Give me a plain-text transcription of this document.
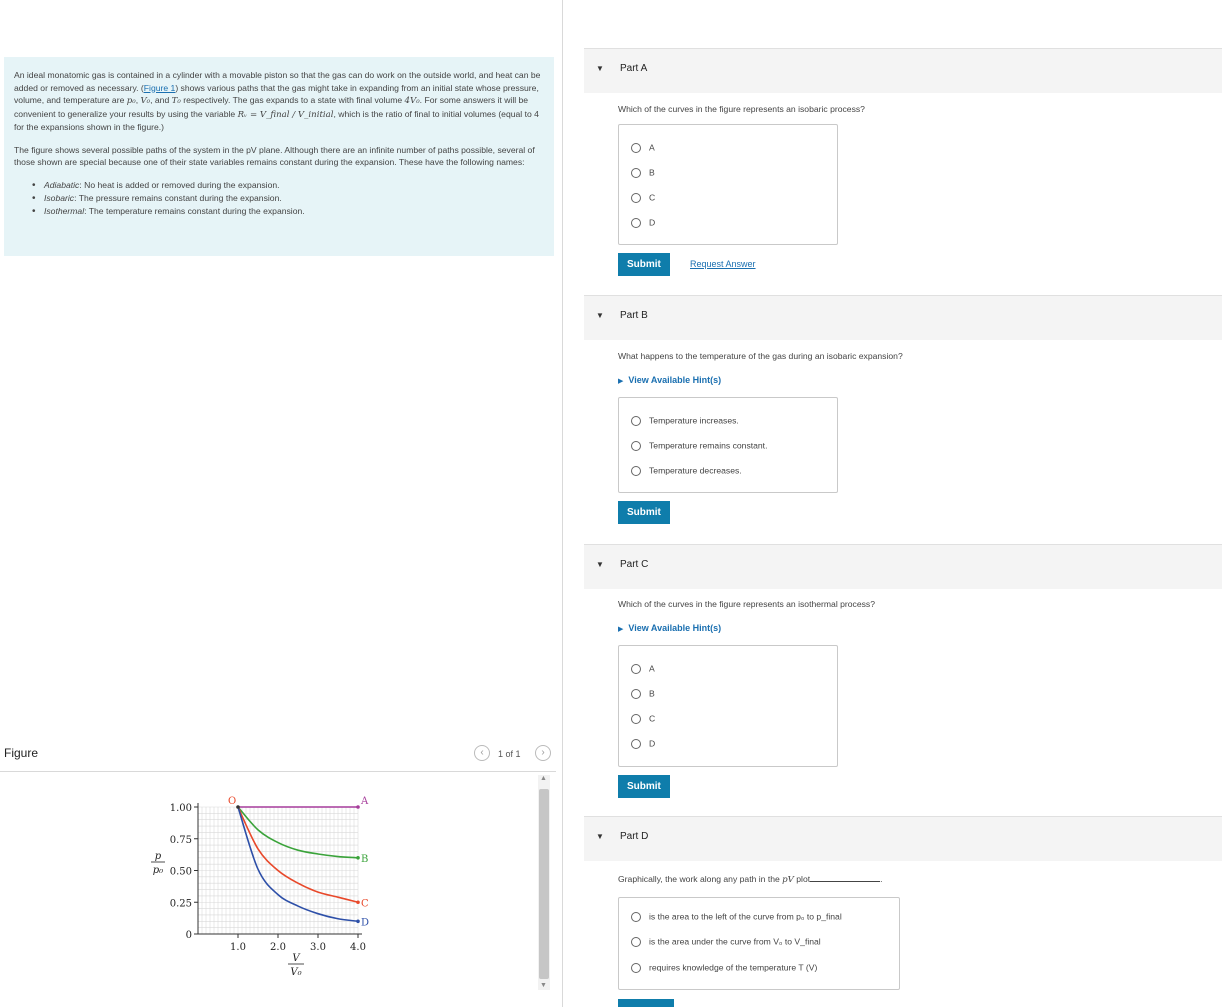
An ideal monatomic gas is contained in a cylinder with a movable piston so that the gas can do work on the outside world, and heat can be added or removed as necessary. (Figure 1) shows various paths that the gas might take in expanding from an initial state whose pressure, volume, and temperature are p₀, V₀, and T₀ respectively. The gas expands to a state with final volume 4V₀. For some answers it will be convenient to generalize your results by using the variable Rᵥ = V_final / V_initial, which is the ratio of final to initial volumes (equal to 4 for the expansions shown in the figure.)

The figure shows several possible paths of the system in the pV plane. Although there are an infinite number of paths possible, several of those shown are special because one of their state variables remains constant during the expansion. These have the following names:

• Adiabatic: No heat is added or removed during the expansion.
• Isobaric: The pressure remains constant during the expansion.
• Isothermal: The temperature remains constant during the expansion.
Figure	‹	1 of 1	›
▲
▼
1.00
0.75
0.50
0.25
0
1.0 2.0 3.0 4.0
p
p₀
V
V₀
A
B
C
D
O
▼ Part A
Which of the curves in the figure represents an isobaric process?
A
B
C
D
Submit	Request Answer
▼ Part B
What happens to the temperature of the gas during an isobaric expansion?
▶ View Available Hint(s)
Temperature increases.
Temperature remains constant.
Temperature decreases.
Submit
▼ Part C
Which of the curves in the figure represents an isothermal process?
▶ View Available Hint(s)
A
B
C
D
Submit
▼ Part D
Graphically, the work along any path in the pV plot	.
is the area to the left of the curve from p₀ to p_final
is the area under the curve from V₀ to V_final
requires knowledge of the temperature T (V)
